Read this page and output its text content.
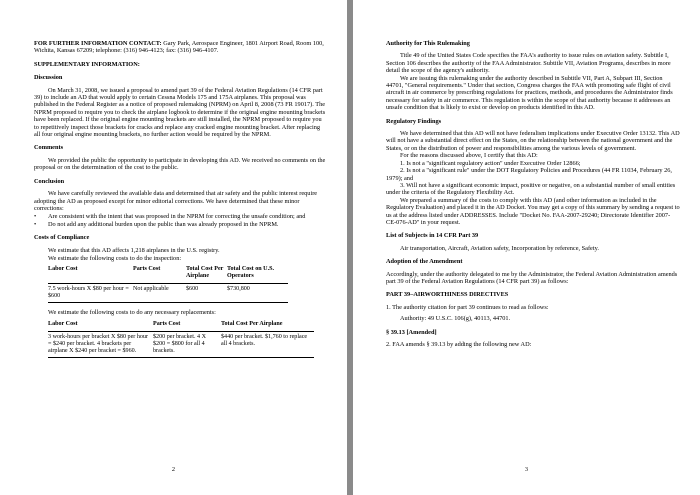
FOR FURTHER INFORMATION CONTACT: Gary Park, Aerospace Engineer, 1801 Airport Road, Room 100, Wichita, Kansas 67209; telephone: (316) 946-4123; fax: (316) 946-4107.

SUPPLEMENTARY INFORMATION:

Discussion

On March 31, 2008, we issued a proposal to amend part 39 of the Federal Aviation Regulations (14 CFR part 39) to include an AD that would apply to certain Cessna Models 175 and 175A airplanes. This proposal was published in the Federal Register as a notice of proposed rulemaking (NPRM) on April 8, 2008 (73 FR 19017). The NPRM proposed to require you to check the airplane logbook to determine if the original engine mounting brackets have been replaced. If the original engine mounting brackets are still installed, the NPRM proposed to require you to repetitively inspect those brackets for cracks and replace any cracked engine mounting bracket. After replacing all four original engine mounting brackets, no further action would be required by the NPRM.

Comments

We provided the public the opportunity to participate in developing this AD. We received no comments on the proposal or on the determination of the cost to the public.

Conclusion

We have carefully reviewed the available data and determined that air safety and the public interest require adopting the AD as proposed except for minor editorial corrections. We have determined that these minor corrections:

•	Are consistent with the intent that was proposed in the NPRM for correcting the unsafe condition; and
•	Do not add any additional burden upon the public than was already proposed in the NPRM.

Costs of Compliance

We estimate that this AD affects 1,218 airplanes in the U.S. registry.

We estimate the following costs to do the inspection:

Labor Cost	Parts Cost	Total Cost Per Airplane	Total Cost on U.S. Operators
7.5 work-hours X $80 per hour = $600	Not applicable	$600	$730,800

We estimate the following costs to do any necessary replacements:

Labor Cost	Parts Cost	Total Cost Per Airplane
3 work-hours per bracket X $80 per hour = $240 per bracket. 4 brackets per airplane X $240 per bracket = $960.	$200 per bracket. 4 X $200 = $800 for all 4 brackets.	$440 per bracket. $1,760 to replace all 4 brackets.
2

Authority for This Rulemaking

Title 49 of the United States Code specifies the FAA's authority to issue rules on aviation safety. Subtitle I, Section 106 describes the authority of the FAA Administrator. Subtitle VII, Aviation Programs, describes in more detail the scope of the agency's authority.

We are issuing this rulemaking under the authority described in Subtitle VII, Part A, Subpart III, Section 44701, "General requirements." Under that section, Congress charges the FAA with promoting safe flight of civil aircraft in air commerce by prescribing regulations for practices, methods, and procedures the Administrator finds necessary for safety in air commerce. This regulation is within the scope of that authority because it addresses an unsafe condition that is likely to exist or develop on products identified in this AD.

Regulatory Findings

We have determined that this AD will not have federalism implications under Executive Order 13132. This AD will not have a substantial direct effect on the States, on the relationship between the national government and the States, or on the distribution of power and responsibilities among the various levels of government.

For the reasons discussed above, I certify that this AD:

1. Is not a "significant regulatory action" under Executive Order 12866;

2. Is not a "significant rule" under the DOT Regulatory Policies and Procedures (44 FR 11034, February 26, 1979); and

3. Will not have a significant economic impact, positive or negative, on a substantial number of small entities under the criteria of the Regulatory Flexibility Act.

We prepared a summary of the costs to comply with this AD (and other information as included in the Regulatory Evaluation) and placed it in the AD Docket. You may get a copy of this summary by sending a request to us at the address listed under ADDRESSES. Include "Docket No. FAA-2007-29240; Directorate Identifier 2007-CE-076-AD" in your request.

List of Subjects in 14 CFR Part 39

Air transportation, Aircraft, Aviation safety, Incorporation by reference, Safety.

Adoption of the Amendment

Accordingly, under the authority delegated to me by the Administrator, the Federal Aviation Administration amends part 39 of the Federal Aviation Regulations (14 CFR part 39) as follows:

PART 39–AIRWORTHINESS DIRECTIVES

1. The authority citation for part 39 continues to read as follows:

Authority: 49 U.S.C. 106(g), 40113, 44701.

§ 39.13 [Amended]

2. FAA amends § 39.13 by adding the following new AD:

3
